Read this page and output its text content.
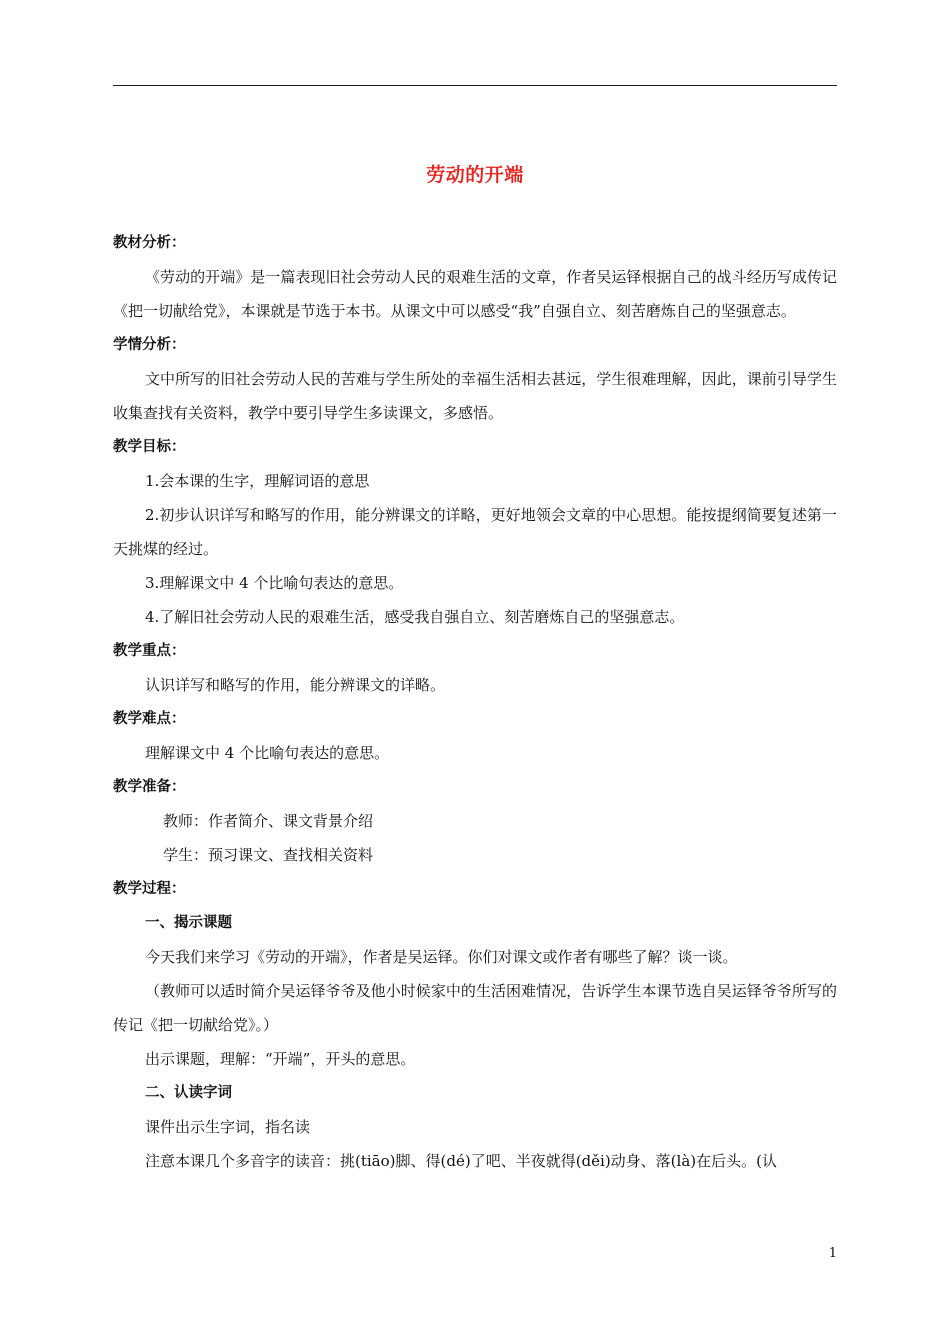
劳动的开端
教材分析：
《劳动的开端》是一篇表现旧社会劳动人民的艰难生活的文章，作者吴运铎根据自己的战斗经历写成传记《把一切献给党》，本课就是节选于本书。从课文中可以感受“我”自强自立、刻苦磨炼自己的坚强意志。
学情分析：
文中所写的旧社会劳动人民的苦难与学生所处的幸福生活相去甚远，学生很难理解，因此，课前引导学生收集查找有关资料，教学中要引导学生多读课文，多感悟。
教学目标：
1.会本课的生字，理解词语的意思
2.初步认识详写和略写的作用，能分辨课文的详略，更好地领会文章的中心思想。能按提纲简要复述第一天挑煤的经过。
3.理解课文中 4 个比喻句表达的意思。
4.了解旧社会劳动人民的艰难生活，感受我自强自立、刻苦磨炼自己的坚强意志。
教学重点：
认识详写和略写的作用，能分辨课文的详略。
教学难点：
理解课文中 4 个比喻句表达的意思。
教学准备：
教师：作者简介、课文背景介绍
学生：预习课文、查找相关资料
教学过程：
一、揭示课题
今天我们来学习《劳动的开端》，作者是吴运铎。你们对课文或作者有哪些了解？谈一谈。
（教师可以适时简介吴运铎爷爷及他小时候家中的生活困难情况，告诉学生本课节选自吴运铎爷爷所写的传记《把一切献给党》。）
出示课题，理解：“开端”，开头的意思。
二、认读字词
课件出示生字词，指名读
注意本课几个多音字的读音：挑(tiāo)脚、得(dé)了吧、半夜就得(děi)动身、落(là)在后头。(认
1
